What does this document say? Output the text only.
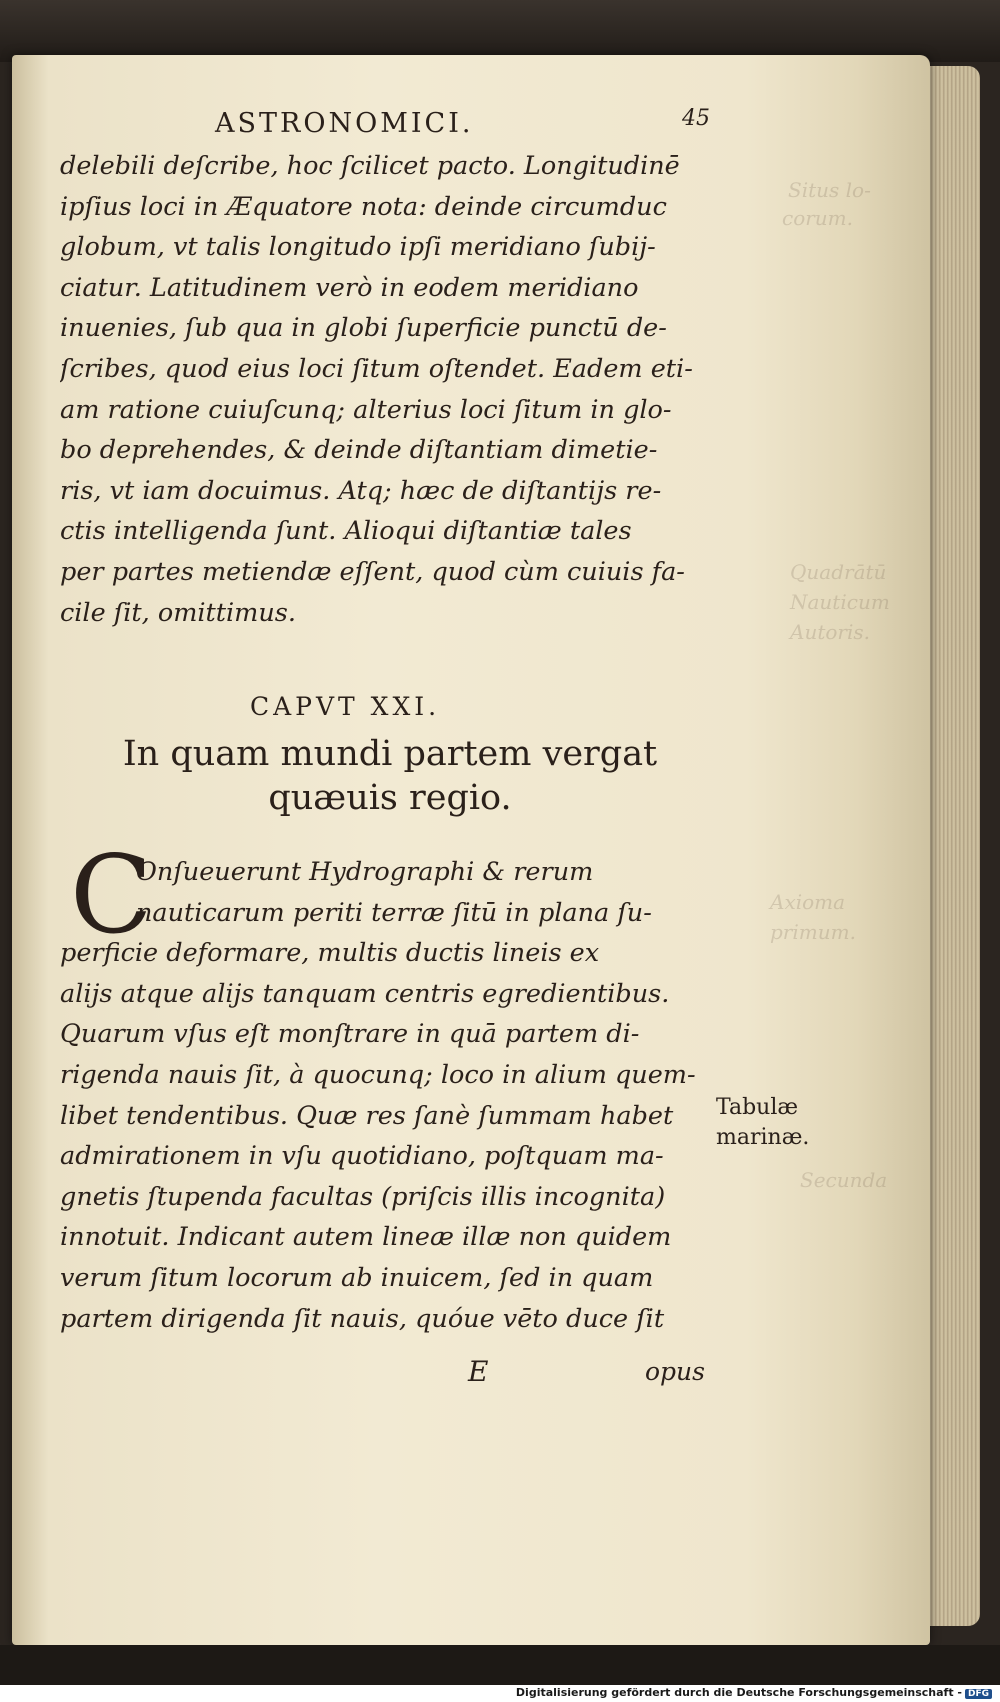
Situs lo-
corum.
Quadrātū
Nauticum
Autoris.
Axioma
primum.
Secunda
ASTRONOMICI.	45
delebili deſcribe, hoc ſcilicet pacto. Longitudinē
ipſius loci in Æquatore nota: deinde circumduc
globum, vt talis longitudo ipſi meridiano ſubij-
ciatur. Latitudinem verò in eodem meridiano
inuenies, ſub qua in globi ſuperficie punctū de-
ſcribes, quod eius loci ſitum oſtendet. Eadem eti-
am ratione cuiuſcunq; alterius loci ſitum in glo-
bo deprehendes, & deinde diſtantiam dimetie-
ris, vt iam docuimus. Atq; hæc de diſtantijs re-
ctis intelligenda ſunt. Alioqui diſtantiæ tales
per partes metiendæ eſſent, quod cùm cuiuis fa-
cile ſit, omittimus.
CAPVT XXI.
In quam mundi partem vergat
quæuis regio.
C
Onſueuerunt Hydrographi & rerum
nauticarum periti terræ ſitū in plana ſu-
perficie deformare, multis ductis lineis ex
alijs atque alijs tanquam centris egredientibus.
Quarum vſus eſt monſtrare in quā partem di-
rigenda nauis ſit, à quocunq; loco in alium quem-
libet tendentibus. Quæ res ſanè ſummam habet
admirationem in vſu quotidiano, poſtquam ma-
gnetis ſtupenda facultas (priſcis illis incognita)
innotuit. Indicant autem lineæ illæ non quidem
verum ſitum locorum ab inuicem, ſed in quam
partem dirigenda ſit nauis, quóue vēto duce ſit
E	opus
Tabulæ
marinæ.
Digitalisierung gefördert durch die Deutsche Forschungsgemeinschaft - DFG
